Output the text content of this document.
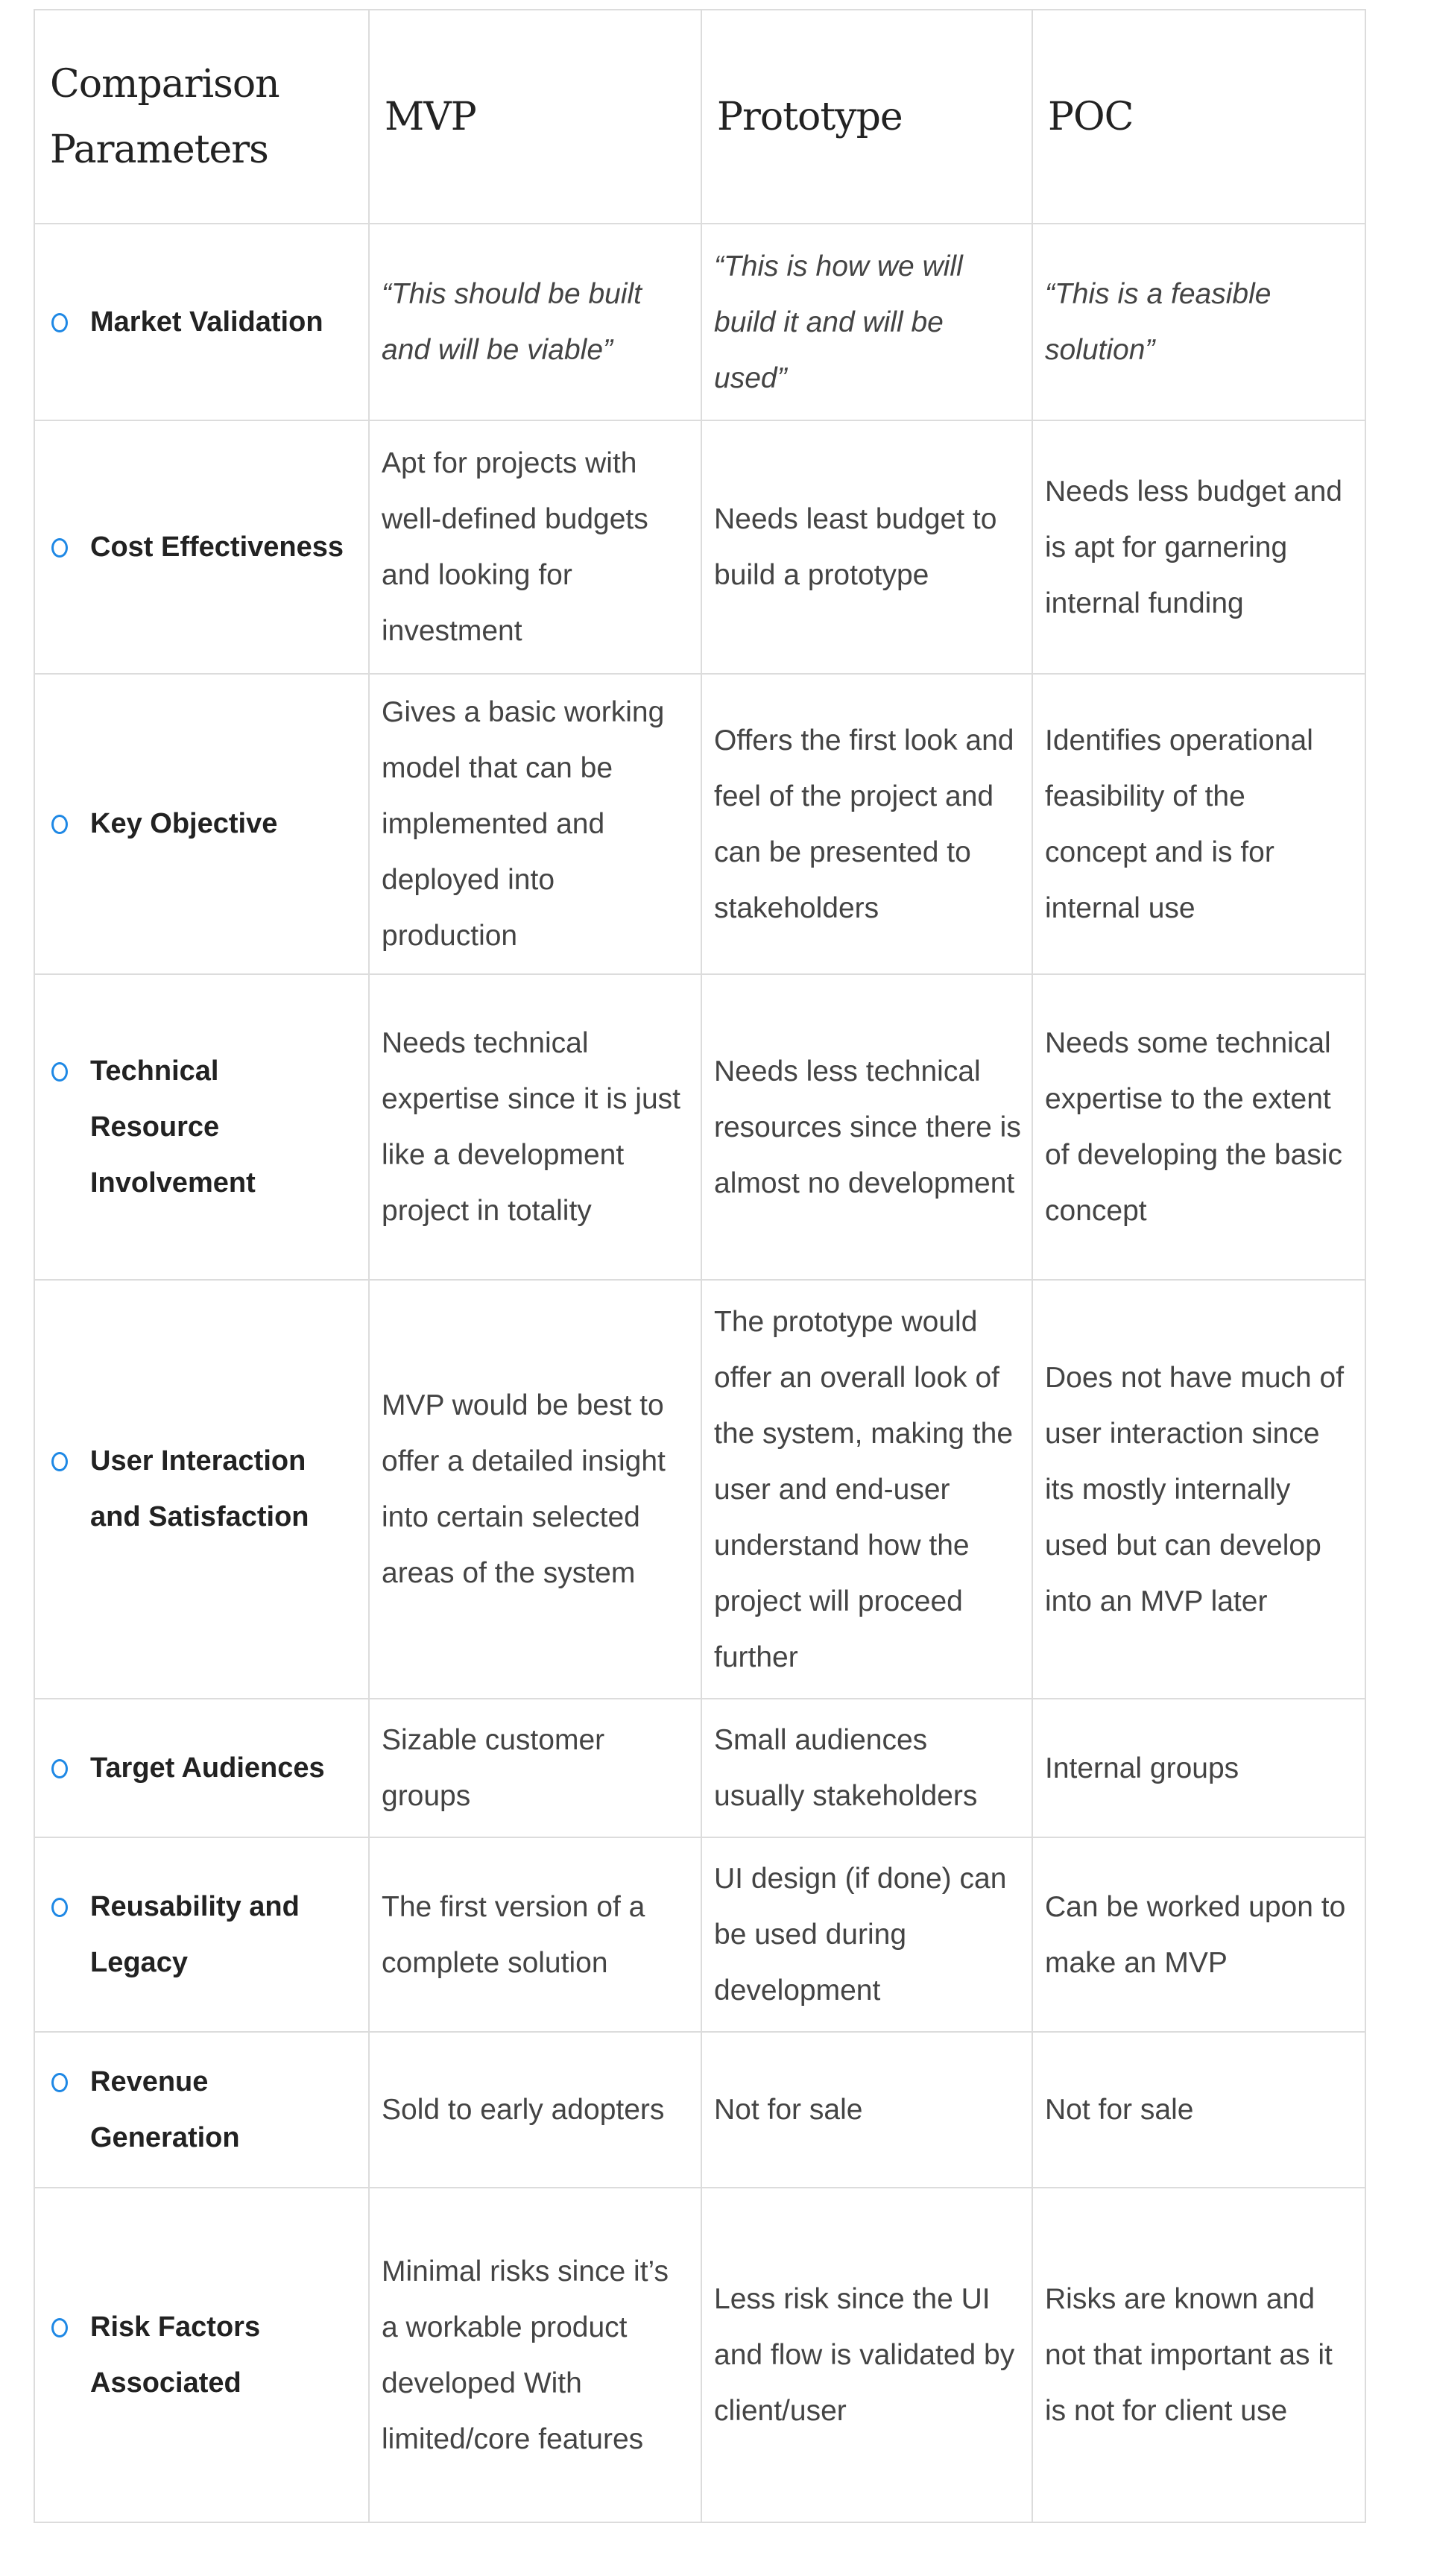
Comparison Parameters	MVP	Prototype	POC

Market Validation	“This should be built and will be viable”	“This is how we will build it and will be used”	“This is a feasible solution”

Cost Effectiveness	Apt for projects with well-defined budgets and looking for investment	Needs least budget to build a prototype	Needs less budget and is apt for garnering internal funding

Key Objective	Gives a basic working model that can be implemented and deployed into production	Offers the first look and feel of the project and can be presented to stakeholders	Identifies operational feasibility of the concept and is for internal use

Technical Resource Involvement	Needs technical expertise since it is just like a development project in totality	Needs less technical resources since there is almost no development	Needs some technical expertise to the extent of developing the basic concept

User Interaction and Satisfaction	MVP would be best to offer a detailed insight into certain selected areas of the system	The prototype would offer an overall look of the system, making the user and end-user understand how the project will proceed further	Does not have much of user interaction since its mostly internally used but can develop into an MVP later

Target Audiences	Sizable customer groups	Small audiences usually stakeholders	Internal groups

Reusability and Legacy	The first version of a complete solution	UI design (if done) can be used during development	Can be worked upon to make an MVP

Revenue Generation	Sold to early adopters	Not for sale	Not for sale

Risk Factors Associated	Minimal risks since it’s a workable product developed With limited/core features	Less risk since the UI and flow is validated by client/user	Risks are known and not that important as it is not for client use
